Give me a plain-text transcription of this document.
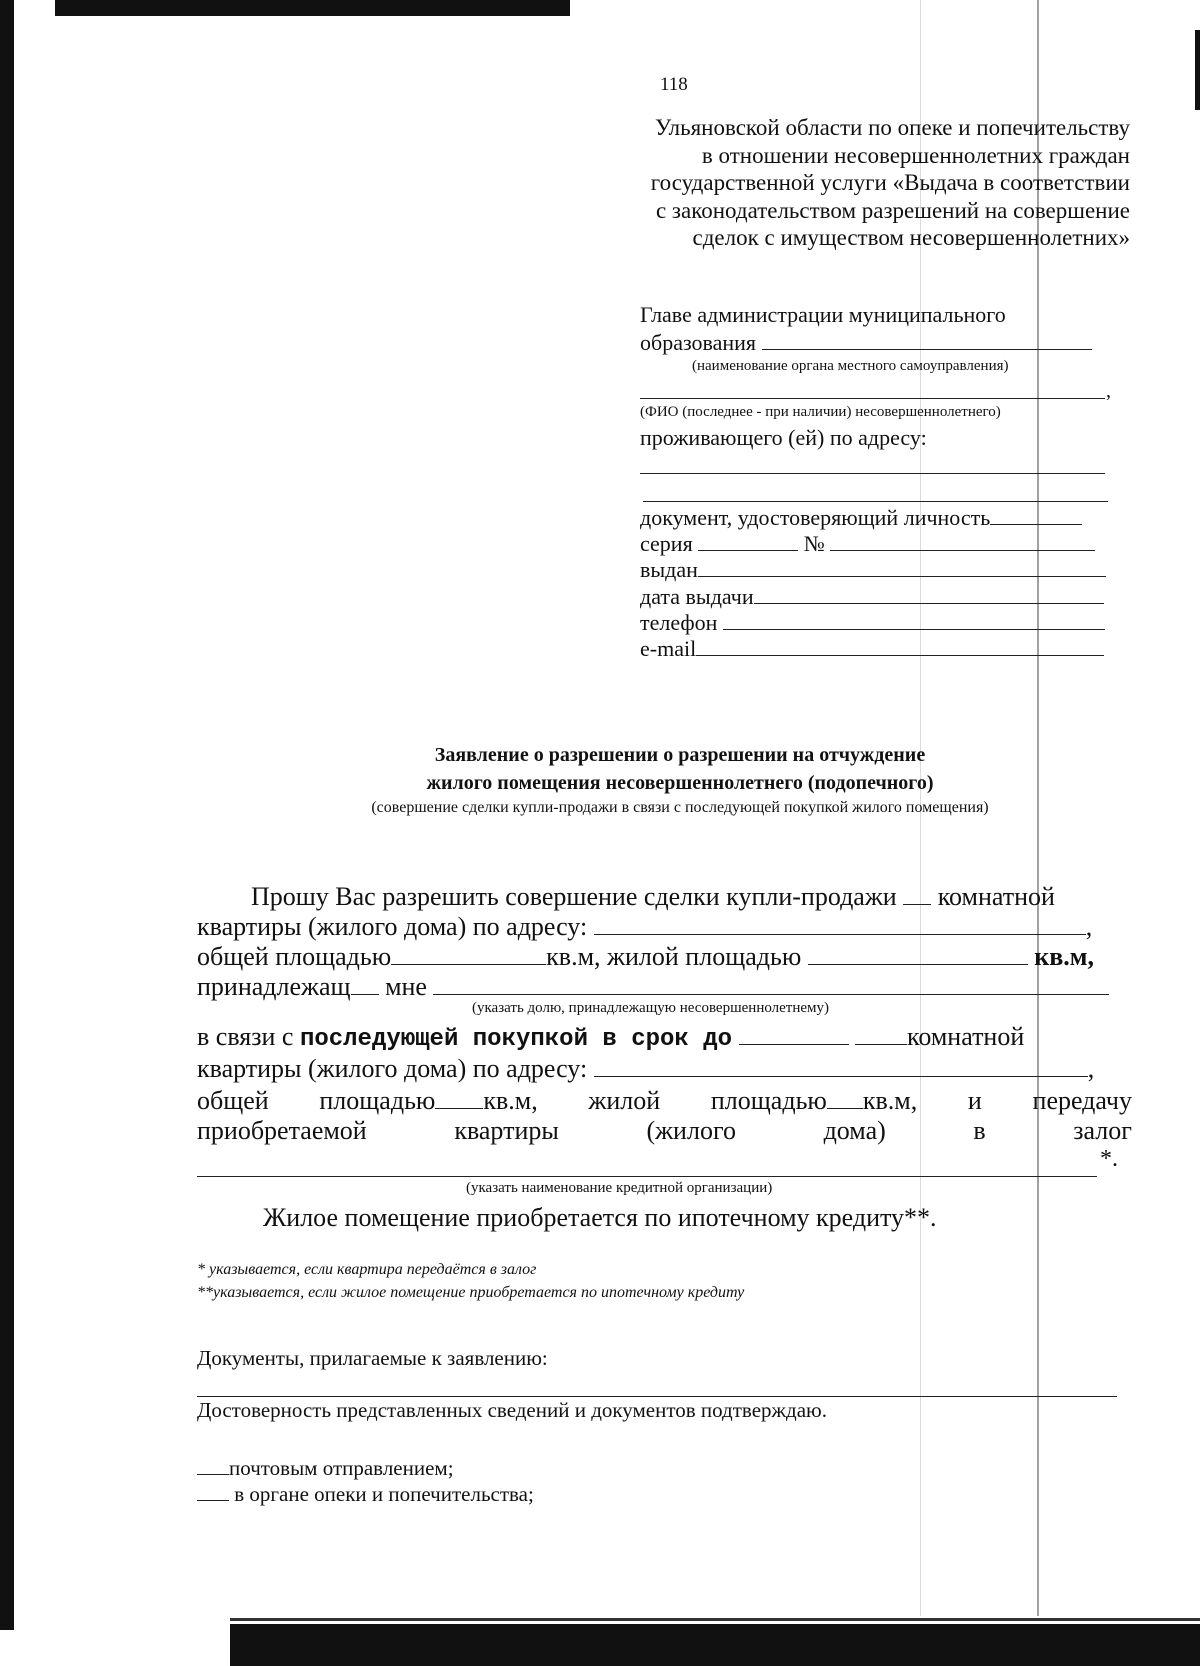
118
Ульяновской области по опеке и попечительству
в отношении несовершеннолетних граждан
государственной услуги «Выдача в соответствии
с законодательством разрешений на совершение
сделок с имуществом несовершеннолетних»
Главе администрации муниципального
образования
(наименование органа местного самоуправления)
,
(ФИО (последнее - при наличии) несовершеннолетнего)
проживающего (ей) по адресу:
документ, удостоверяющий личность
серия	№
выдан
дата выдачи
телефон
e-mail
Заявление о разрешении о разрешении на отчуждение
жилого помещения несовершеннолетнего (подопечного)
(совершение сделки купли-продажи в связи с последующей покупкой жилого помещения)
Прошу Вас разрешить совершение сделки купли-продажи комнатной
квартиры (жилого дома) по адресу:	,
общей площадью	кв.м, жилой площадью	кв.м,
принадлежащ мне
(указать долю, принадлежащую несовершеннолетнему)
в связи с последующей покупкой в срок до	комнатной
квартиры (жилого дома) по адресу:	,
общей площадью кв.м, жилой площадью кв.м, и передачу
приобретаемой	квартиры	(жилого	дома)	в	залог
*.
(указать наименование кредитной организации)
Жилое помещение приобретается по ипотечному кредиту**.
* указывается, если квартира передаётся в залог
**указывается, если жилое помещение приобретается по ипотечному кредиту
Документы, прилагаемые к заявлению:
Достоверность представленных сведений и документов подтверждаю.
почтовым отправлением;
в органе опеки и попечительства;
